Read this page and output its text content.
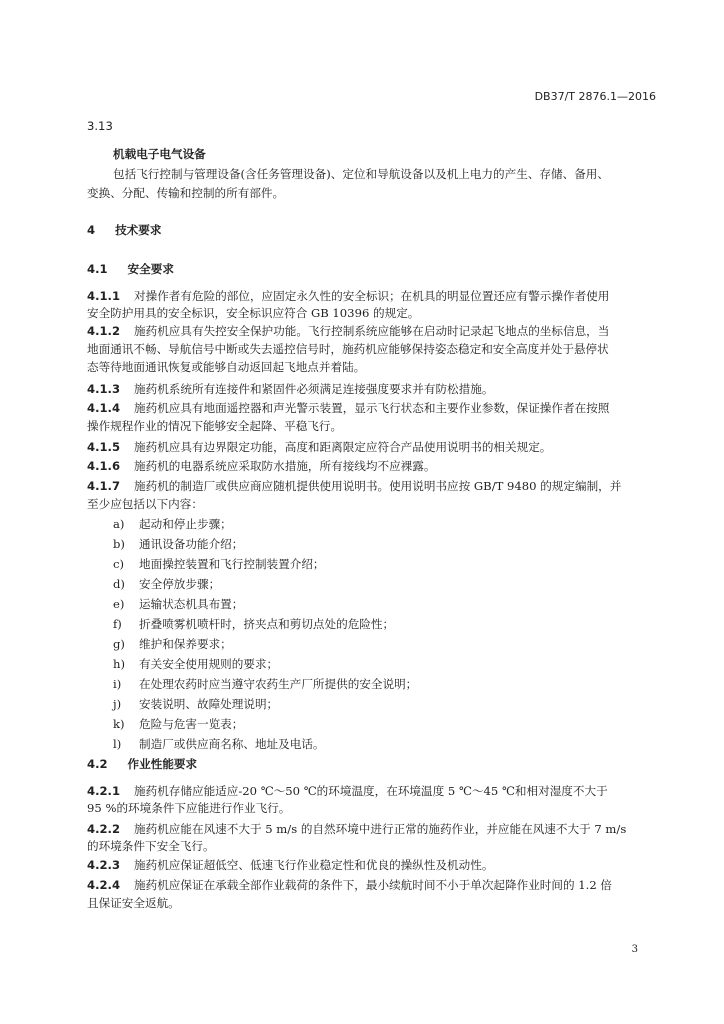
DB37/T 2876.1—2016
3.13
机载电子电气设备
包括飞行控制与管理设备(含任务管理设备)、定位和导航设备以及机上电力的产生、存储、备用、
变换、分配、传输和控制的所有部件。
4 技术要求
4.1 安全要求
4.1.1 对操作者有危险的部位，应固定永久性的安全标识；在机具的明显位置还应有警示操作者使用
安全防护用具的安全标识，安全标识应符合 GB 10396 的规定。
4.1.2 施药机应具有失控安全保护功能。飞行控制系统应能够在启动时记录起飞地点的坐标信息，当
地面通讯不畅、导航信号中断或失去遥控信号时，施药机应能够保持姿态稳定和安全高度并处于悬停状
态等待地面通讯恢复或能够自动返回起飞地点并着陆。
4.1.3 施药机系统所有连接件和紧固件必须满足连接强度要求并有防松措施。
4.1.4 施药机应具有地面遥控器和声光警示装置，显示飞行状态和主要作业参数，保证操作者在按照
操作规程作业的情况下能够安全起降、平稳飞行。
4.1.5 施药机应具有边界限定功能，高度和距离限定应符合产品使用说明书的相关规定。
4.1.6 施药机的电器系统应采取防水措施，所有接线均不应裸露。
4.1.7 施药机的制造厂或供应商应随机提供使用说明书。使用说明书应按 GB/T 9480 的规定编制，并
至少应包括以下内容：
a) 起动和停止步骤；
b) 通讯设备功能介绍；
c) 地面操控装置和飞行控制装置介绍；
d) 安全停放步骤；
e) 运输状态机具布置；
f) 折叠喷雾机喷杆时，挤夹点和剪切点处的危险性；
g) 维护和保养要求；
h) 有关安全使用规则的要求；
i) 在处理农药时应当遵守农药生产厂所提供的安全说明；
j) 安装说明、故障处理说明；
k) 危险与危害一览表；
l) 制造厂或供应商名称、地址及电话。
4.2 作业性能要求
4.2.1 施药机存储应能适应-20 ℃～50 ℃的环境温度，在环境温度 5 ℃～45 ℃和相对湿度不大于
95 %的环境条件下应能进行作业飞行。
4.2.2 施药机应能在风速不大于 5 m/s 的自然环境中进行正常的施药作业，并应能在风速不大于 7 m/s
的环境条件下安全飞行。
4.2.3 施药机应保证超低空、低速飞行作业稳定性和优良的操纵性及机动性。
4.2.4 施药机应保证在承载全部作业载荷的条件下，最小续航时间不小于单次起降作业时间的 1.2 倍
且保证安全返航。
3
